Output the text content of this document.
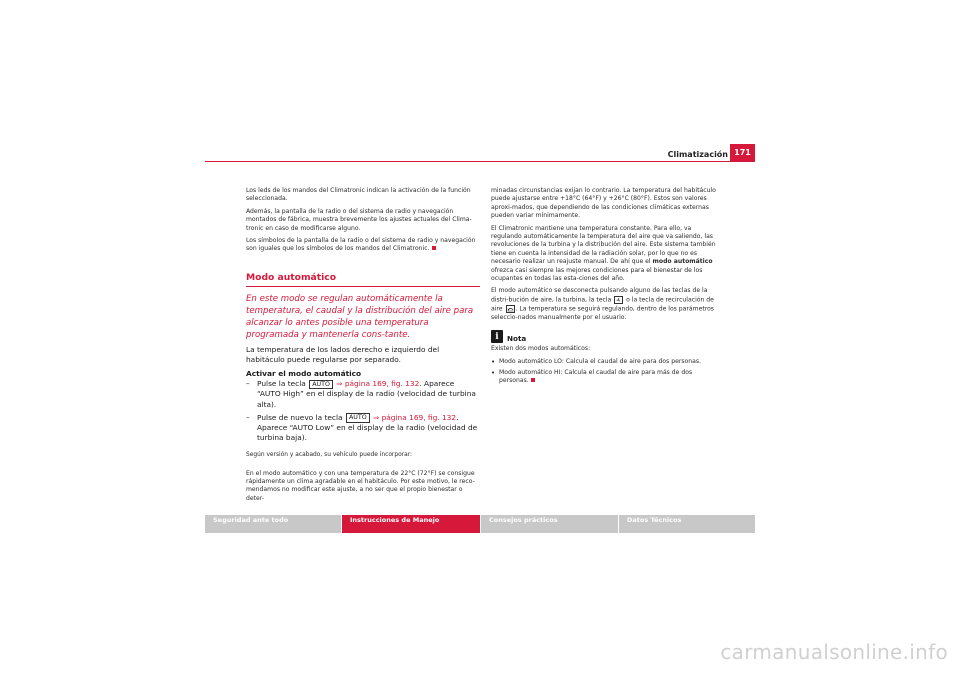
Climatización 171

Los leds de los mandos del Climatronic indican la activación de la función seleccionada.

Además, la pantalla de la radio o del sistema de radio y navegación montados de fábrica, muestra brevemente los ajustes actuales del Clima-tronic en caso de modificarse alguno.

Los símbolos de la pantalla de la radio o del sistema de radio y navegación son iguales que los símbolos de los mandos del Climatronic.

Modo automático

En este modo se regulan automáticamente la temperatura, el caudal y la distribución del aire para alcanzar lo antes posible una temperatura programada y mantenerla cons-tante.

La temperatura de los lados derecho e izquierdo del habitáculo puede regularse por separado.

Activar el modo automático

– Pulse la tecla AUTO ⇒ página 169, fig. 132. Aparece “AUTO High” en el display de la radio (velocidad de turbina alta).
– Pulse de nuevo la tecla AUTO ⇒ página 169, fig. 132. Aparece “AUTO Low” en el display de la radio (velocidad de turbina baja).

Según versión y acabado, su vehículo puede incorporar:

En el modo automático y con una temperatura de 22°C (72°F) se consigue rápidamente un clima agradable en el habitáculo. Por este motivo, le reco-mendamos no modificar este ajuste, a no ser que el propio bienestar o deter-

minadas circunstancias exijan lo contrario. La temperatura del habitáculo puede ajustarse entre +18°C (64°F) y +26°C (80°F). Estos son valores aproxi-mados, que dependiendo de las condiciones climáticas externas pueden variar mínimamente.

El Climatronic mantiene una temperatura constante. Para ello, va regulando automáticamente la temperatura del aire que va saliendo, las revoluciones de la turbina y la distribución del aire. Este sistema también tiene en cuenta la intensidad de la radiación solar, por lo que no es necesario realizar un reajuste manual. De ahí que el modo automático ofrezca casi siempre las mejores condiciones para el bienestar de los ocupantes en todas las esta-ciones del año.

El modo automático se desconecta pulsando alguno de las teclas de la distri-bución de aire, la turbina, la tecla o la tecla de recirculación de aire . La temperatura se seguirá regulando, dentro de los parámetros seleccio-nados manualmente por el usuario.

i	Nota

Existen dos modos automáticos:

• Modo automático LO: Calcula el caudal de aire para dos personas.
• Modo automático HI: Calcula el caudal de aire para más de dos personas.
Seguridad ante todo	Instrucciones de Manejo	Consejos prácticos	Datos Técnicos
carmanualsonline.info
